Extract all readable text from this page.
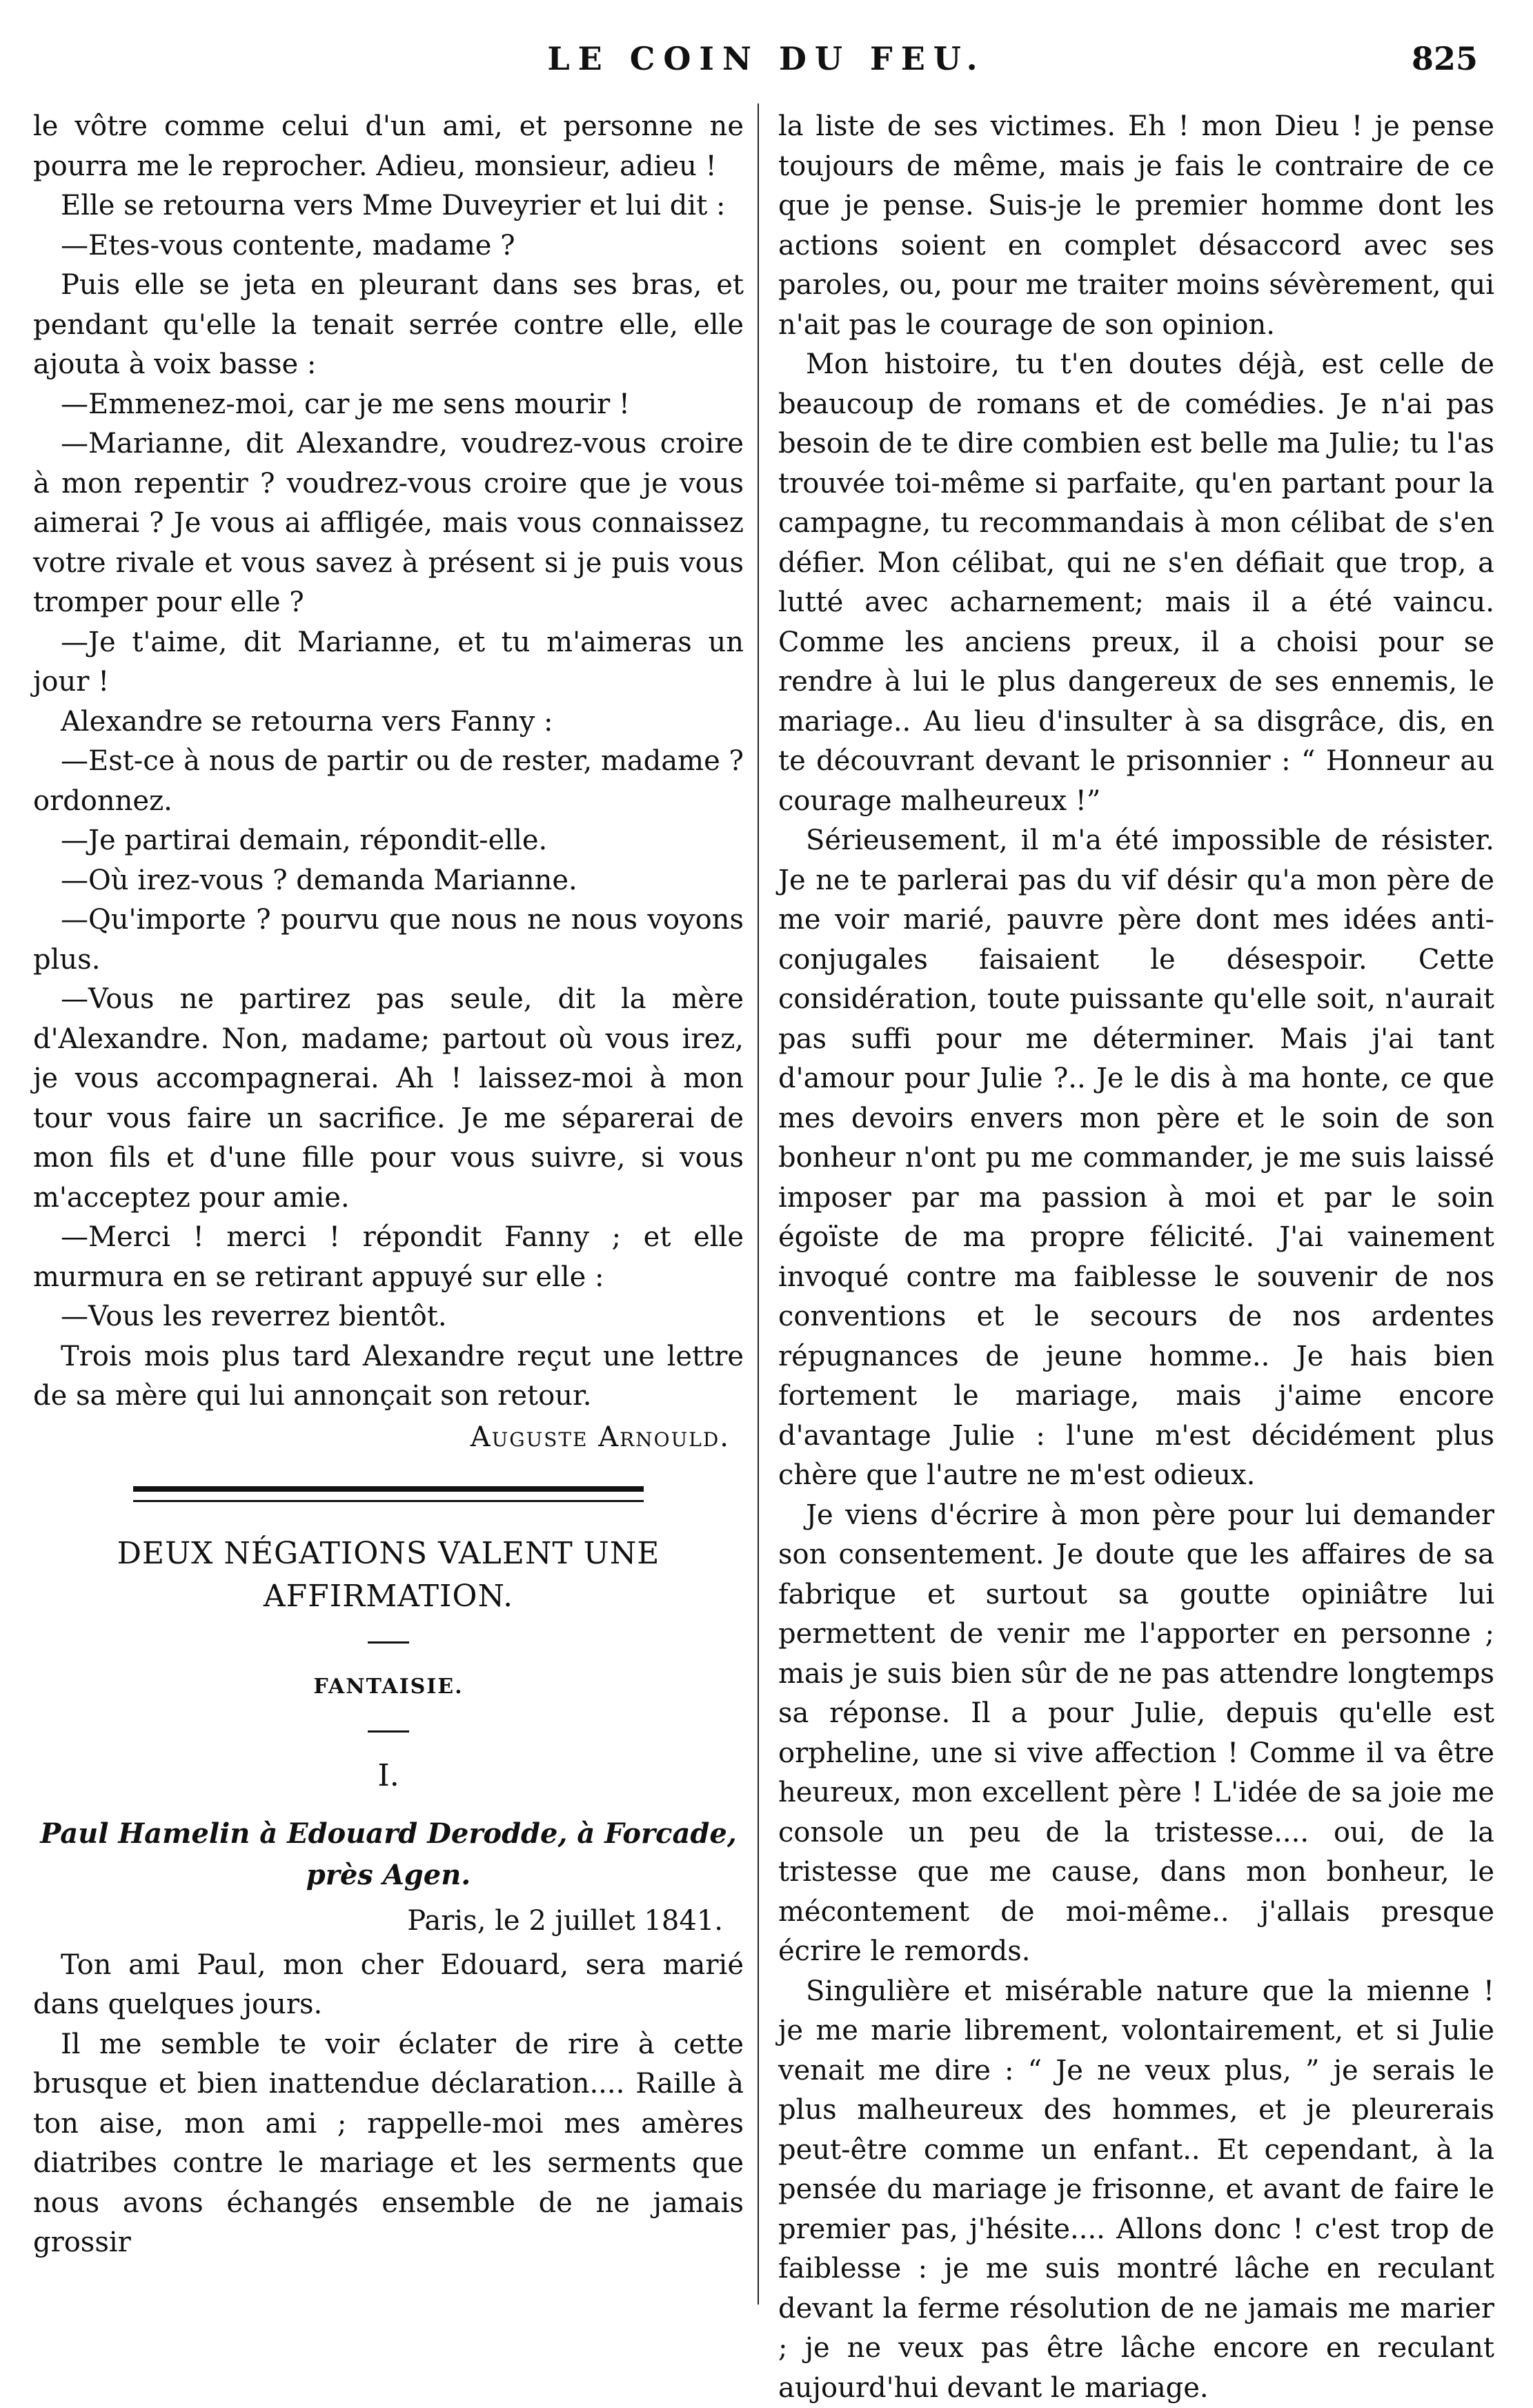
LE COIN DU FEU.	825

le vôtre comme celui d'un ami, et personne ne pourra me le reprocher. Adieu, monsieur, adieu !

Elle se retourna vers Mme Duveyrier et lui dit :

—Etes-vous contente, madame ?

Puis elle se jeta en pleurant dans ses bras, et pendant qu'elle la tenait serrée contre elle, elle ajouta à voix basse :

—Emmenez-moi, car je me sens mourir !

—Marianne, dit Alexandre, voudrez-vous croire à mon repentir ? voudrez-vous croire que je vous aimerai ? Je vous ai affligée, mais vous connaissez votre rivale et vous savez à présent si je puis vous tromper pour elle ?

—Je t'aime, dit Marianne, et tu m'aimeras un jour !

Alexandre se retourna vers Fanny :

—Est-ce à nous de partir ou de rester, madame ? ordonnez.

—Je partirai demain, répondit-elle.

—Où irez-vous ? demanda Marianne.

—Qu'importe ? pourvu que nous ne nous voyons plus.

—Vous ne partirez pas seule, dit la mère d'Alexandre. Non, madame; partout où vous irez, je vous accompagnerai. Ah ! laissez-moi à mon tour vous faire un sacrifice. Je me séparerai de mon fils et d'une fille pour vous suivre, si vous m'acceptez pour amie.

—Merci ! merci ! répondit Fanny ; et elle murmura en se retirant appuyé sur elle :

—Vous les reverrez bientôt.

Trois mois plus tard Alexandre reçut une lettre de sa mère qui lui annonçait son retour.

Auguste Arnould.
DEUX NÉGATIONS VALENT UNE AFFIRMATION.
FANTAISIE.
I.
Paul Hamelin à Edouard Derodde, à Forcade, près Agen.
Paris, le 2 juillet 1841.

Ton ami Paul, mon cher Edouard, sera marié dans quelques jours.

Il me semble te voir éclater de rire à cette brusque et bien inattendue déclaration.... Raille à ton aise, mon ami ; rappelle-moi mes amères diatribes contre le mariage et les serments que nous avons échangés ensemble de ne jamais grossir

la liste de ses victimes. Eh ! mon Dieu ! je pense toujours de même, mais je fais le contraire de ce que je pense. Suis-je le premier homme dont les actions soient en complet désaccord avec ses paroles, ou, pour me traiter moins sévèrement, qui n'ait pas le courage de son opinion.

Mon histoire, tu t'en doutes déjà, est celle de beaucoup de romans et de comédies. Je n'ai pas besoin de te dire combien est belle ma Julie; tu l'as trouvée toi-même si parfaite, qu'en partant pour la campagne, tu recommandais à mon célibat de s'en défier. Mon célibat, qui ne s'en défiait que trop, a lutté avec acharnement; mais il a été vaincu. Comme les anciens preux, il a choisi pour se rendre à lui le plus dangereux de ses ennemis, le mariage.. Au lieu d'insulter à sa disgrâce, dis, en te découvrant devant le prisonnier : “ Honneur au courage malheureux !”

Sérieusement, il m'a été impossible de résister. Je ne te parlerai pas du vif désir qu'a mon père de me voir marié, pauvre père dont mes idées anti-conjugales faisaient le désespoir. Cette considération, toute puissante qu'elle soit, n'aurait pas suffi pour me déterminer. Mais j'ai tant d'amour pour Julie ?.. Je le dis à ma honte, ce que mes devoirs envers mon père et le soin de son bonheur n'ont pu me commander, je me suis laissé imposer par ma passion à moi et par le soin égoïste de ma propre félicité. J'ai vainement invoqué contre ma faiblesse le souvenir de nos conventions et le secours de nos ardentes répugnances de jeune homme.. Je hais bien fortement le mariage, mais j'aime encore d'avantage Julie : l'une m'est décidément plus chère que l'autre ne m'est odieux.

Je viens d'écrire à mon père pour lui demander son consentement. Je doute que les affaires de sa fabrique et surtout sa goutte opiniâtre lui permettent de venir me l'apporter en personne ; mais je suis bien sûr de ne pas attendre longtemps sa réponse. Il a pour Julie, depuis qu'elle est orpheline, une si vive affection ! Comme il va être heureux, mon excellent père ! L'idée de sa joie me console un peu de la tristesse.... oui, de la tristesse que me cause, dans mon bonheur, le mécontement de moi-même.. j'allais presque écrire le remords.

Singulière et misérable nature que la mienne ! je me marie librement, volontairement, et si Julie venait me dire : “ Je ne veux plus, ” je serais le plus malheureux des hommes, et je pleurerais peut-être comme un enfant.. Et cependant, à la pensée du mariage je frisonne, et avant de faire le premier pas, j'hésite.... Allons donc ! c'est trop de faiblesse : je me suis montré lâche en reculant devant la ferme résolution de ne jamais me marier ; je ne veux pas être lâche encore en reculant aujourd'hui devant le mariage.
